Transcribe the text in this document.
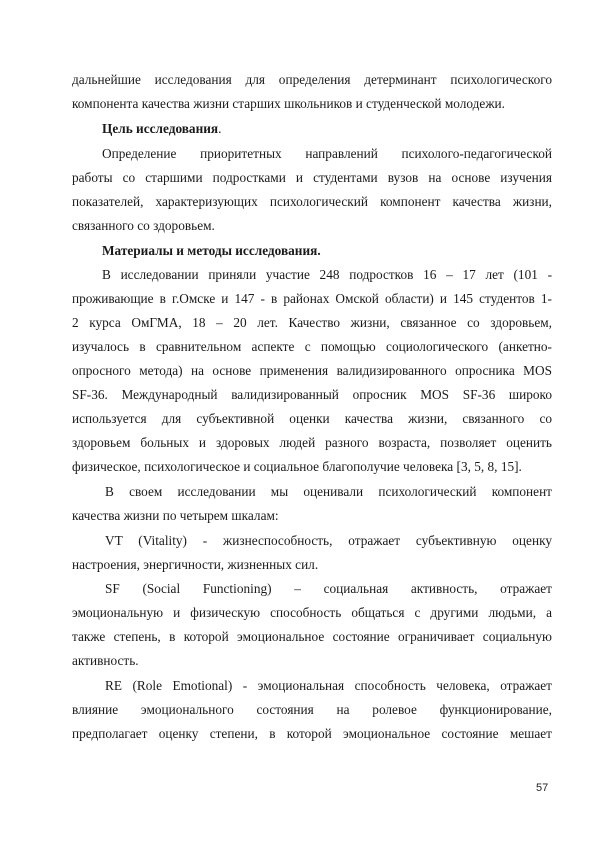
дальнейшие исследования для определения детерминант психологического
компонента качества жизни старших школьников и студенческой молодежи.
Цель исследования.
Определение приоритетных направлений психолого-педагогической
работы со старшими подростками и студентами вузов на основе изучения
показателей, характеризующих психологический компонент качества жизни,
связанного со здоровьем.
Материалы и методы исследования.
В исследовании приняли участие 248 подростков 16 – 17 лет (101 -
проживающие в г.Омске и 147 - в районах Омской области) и 145 студентов 1-
2 курса ОмГМА, 18 – 20 лет. Качество жизни, связанное со здоровьем,
изучалось в сравнительном аспекте с помощью социологического (анкетно-
опросного метода) на основе применения валидизированного опросника MOS
SF-36. Международный валидизированный опросник MOS SF-36 широко
используется для субъективной оценки качества жизни, связанного со
здоровьем больных и здоровых людей разного возраста, позволяет оценить
физическое, психологическое и социальное благополучие человека [3, 5, 8, 15].
В своем исследовании мы оценивали психологический компонент
качества жизни по четырем шкалам:
VT (Vitality) - жизнеспособность, отражает субъективную оценку
настроения, энергичности, жизненных сил.
SF (Social Functioning) – социальная активность, отражает
эмоциональную и физическую способность общаться с другими людьми, а
также степень, в которой эмоциональное состояние ограничивает социальную
активность.
RE (Role Emotional) - эмоциональная способность человека, отражает
влияние эмоционального состояния на ролевое функционирование,
предполагает оценку степени, в которой эмоциональное состояние мешает
57
